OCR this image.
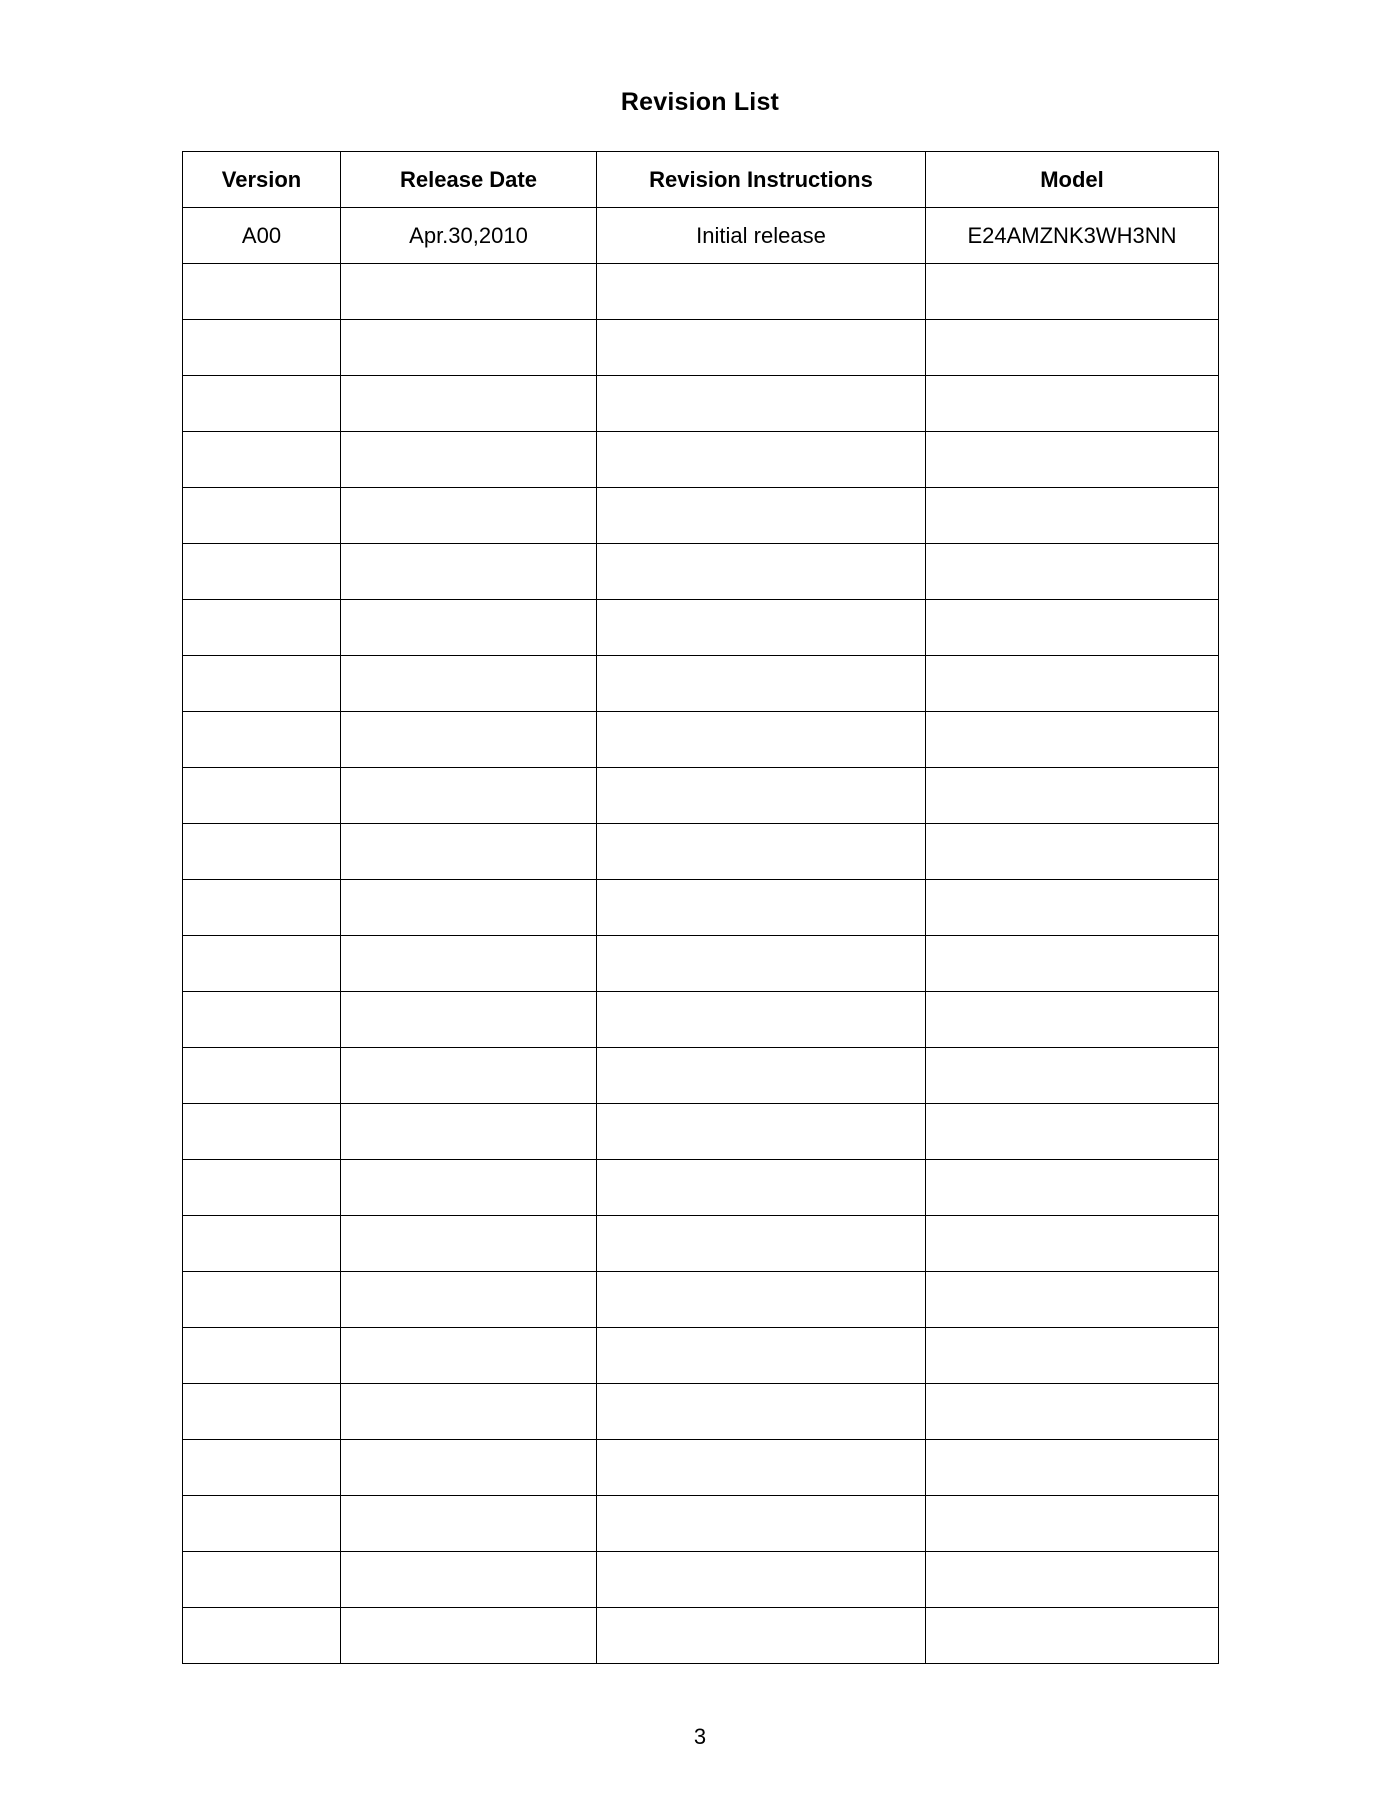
Revision List
Version	Release Date	Revision Instructions	Model
A00	Apr.30,2010	Initial release	E24AMZNK3WH3NN

3
